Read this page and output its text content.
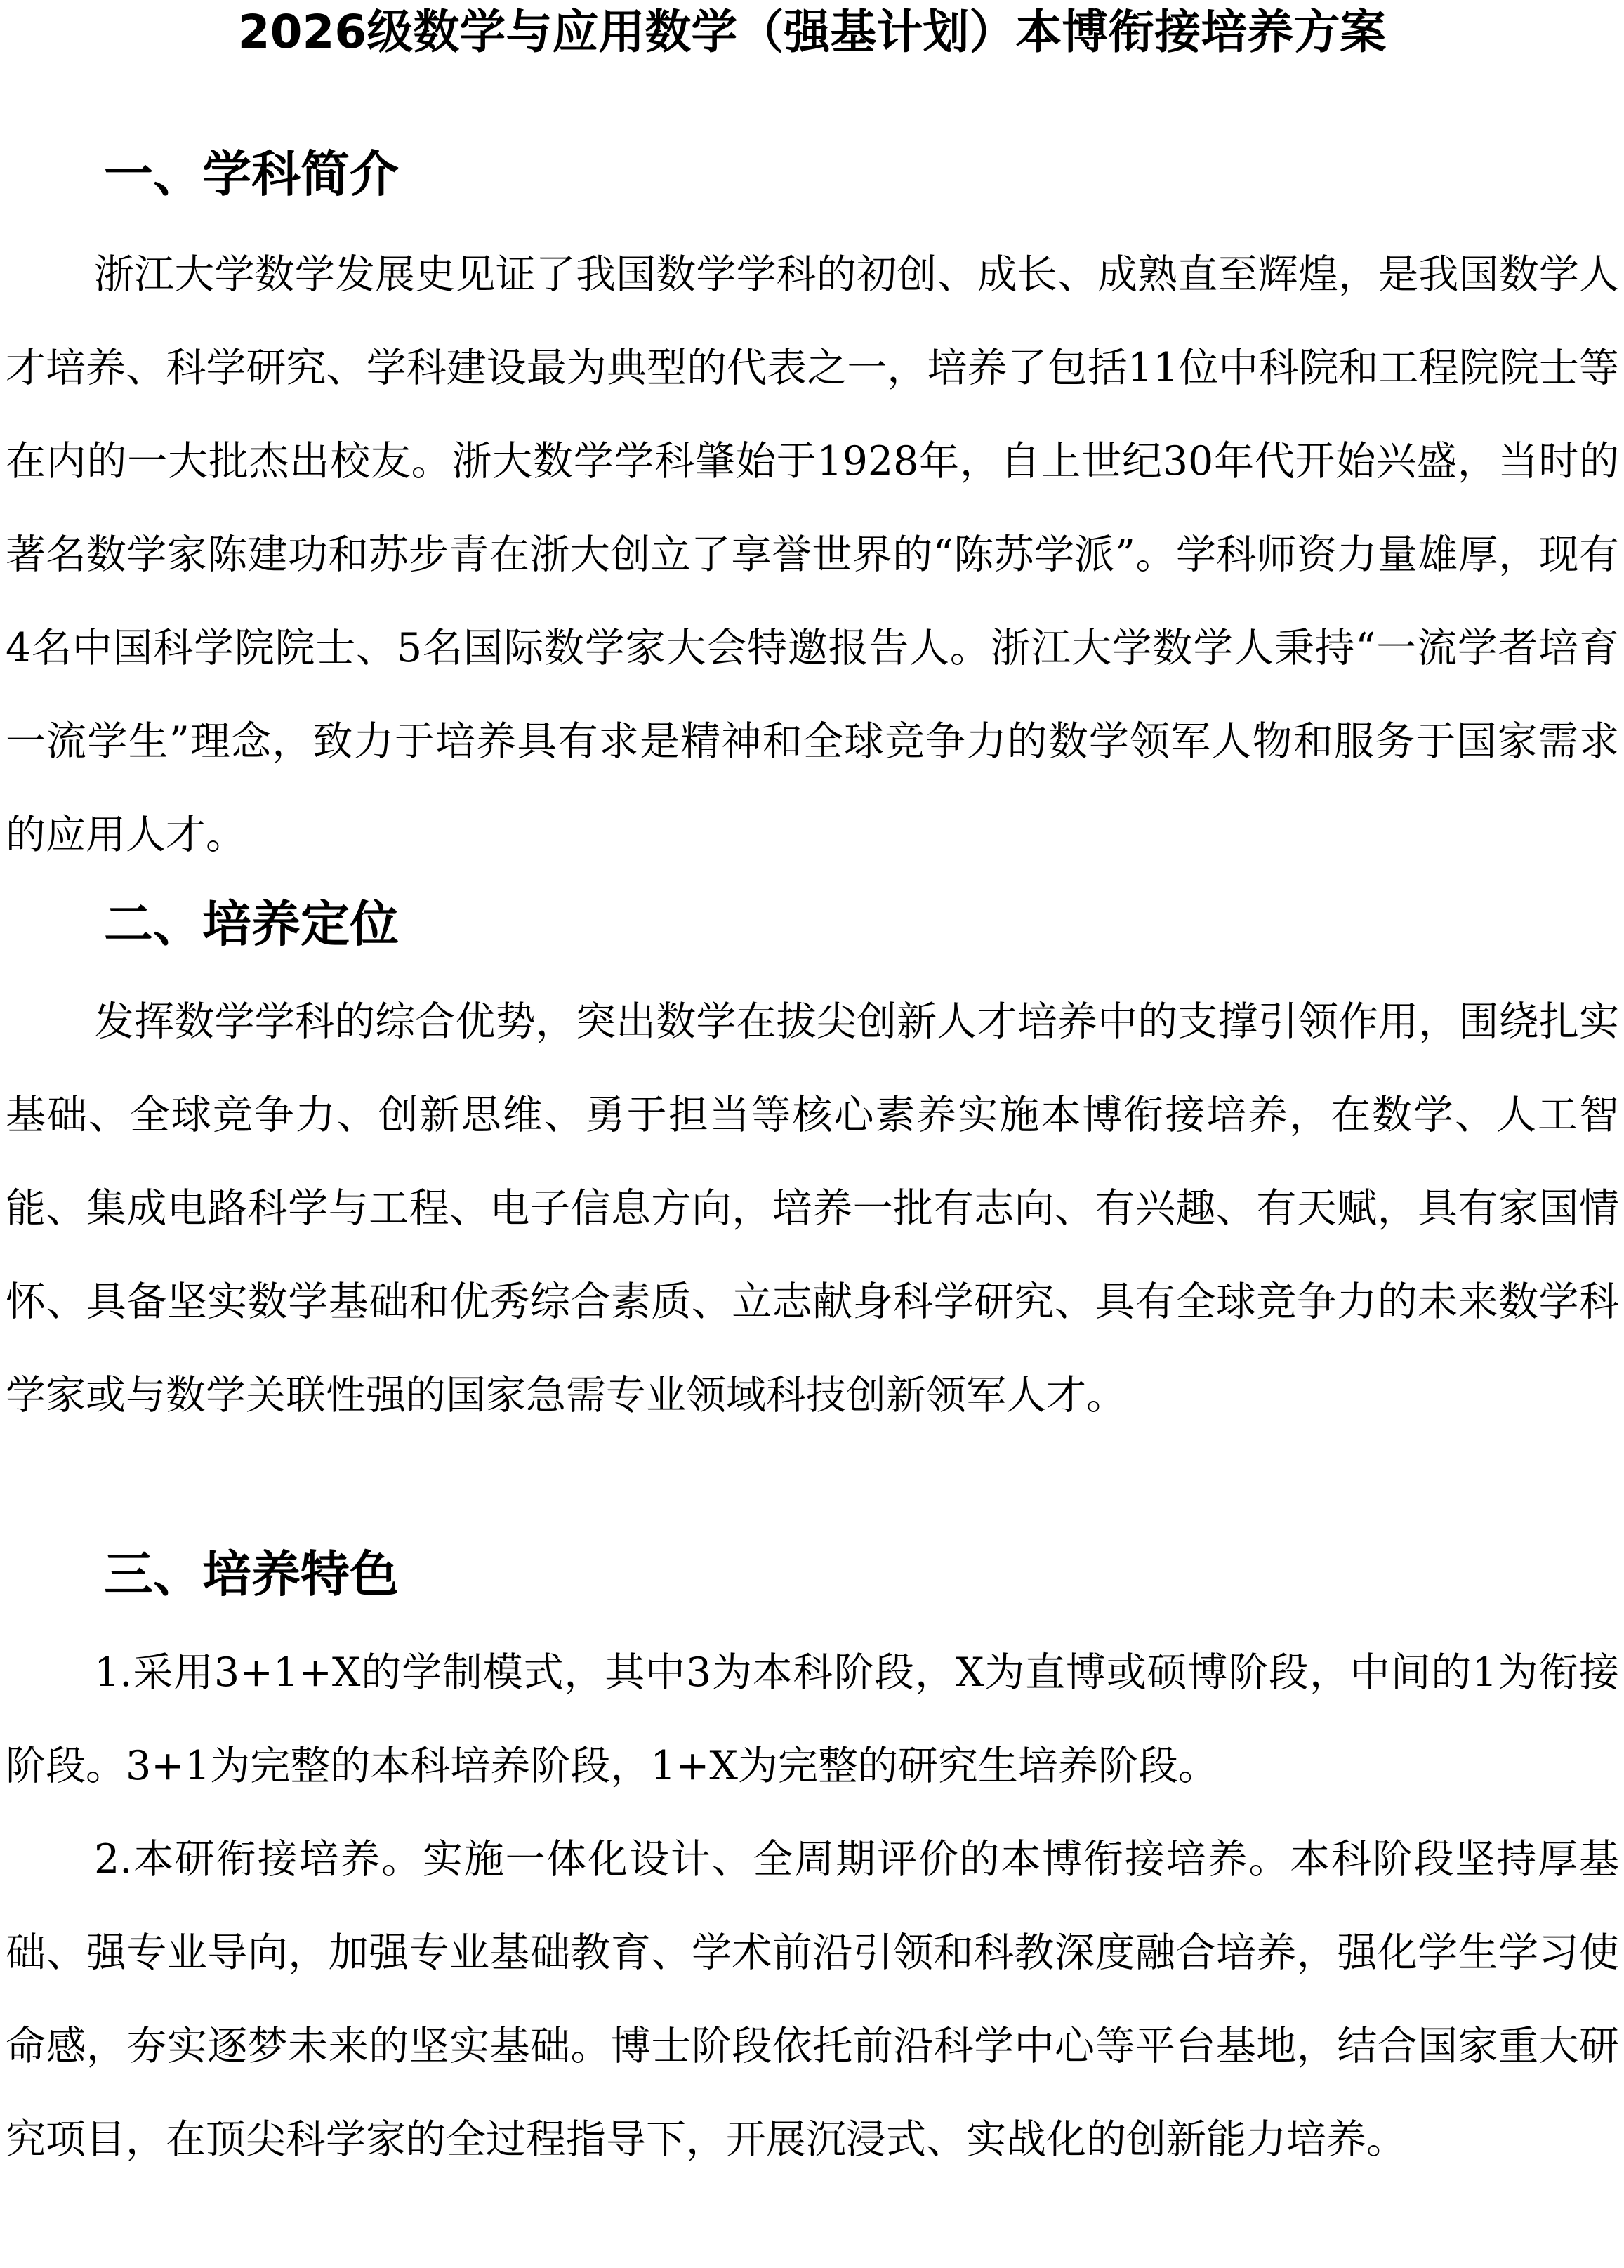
2026级数学与应用数学（强基计划）本博衔接培养方案
一、学科简介

浙江大学数学发展史见证了我国数学学科的初创、成长、成熟直至辉煌，是我国数学人才培养、科学研究、学科建设最为典型的代表之一，培养了包括11位中科院和工程院院士等在内的一大批杰出校友。浙大数学学科肇始于1928年，自上世纪30年代开始兴盛，当时的著名数学家陈建功和苏步青在浙大创立了享誉世界的“陈苏学派”。学科师资力量雄厚，现有4名中国科学院院士、5名国际数学家大会特邀报告人。浙江大学数学人秉持“一流学者培育一流学生”理念，致力于培养具有求是精神和全球竞争力的数学领军人物和服务于国家需求的应用人才。

二、培养定位

发挥数学学科的综合优势，突出数学在拔尖创新人才培养中的支撑引领作用，围绕扎实基础、全球竞争力、创新思维、勇于担当等核心素养实施本博衔接培养，在数学、人工智能、集成电路科学与工程、电子信息方向，培养一批有志向、有兴趣、有天赋，具有家国情怀、具备坚实数学基础和优秀综合素质、立志献身科学研究、具有全球竞争力的未来数学科学家或与数学关联性强的国家急需专业领域科技创新领军人才。

三、培养特色

1.采用3+1+X的学制模式，其中3为本科阶段，X为直博或硕博阶段，中间的1为衔接阶段。3+1为完整的本科培养阶段，1+X为完整的研究生培养阶段。

2.本研衔接培养。实施一体化设计、全周期评价的本博衔接培养。本科阶段坚持厚基础、强专业导向，加强专业基础教育、学术前沿引领和科教深度融合培养，强化学生学习使命感，夯实逐梦未来的坚实基础。博士阶段依托前沿科学中心等平台基地，结合国家重大研究项目，在顶尖科学家的全过程指导下，开展沉浸式、实战化的创新能力培养。
